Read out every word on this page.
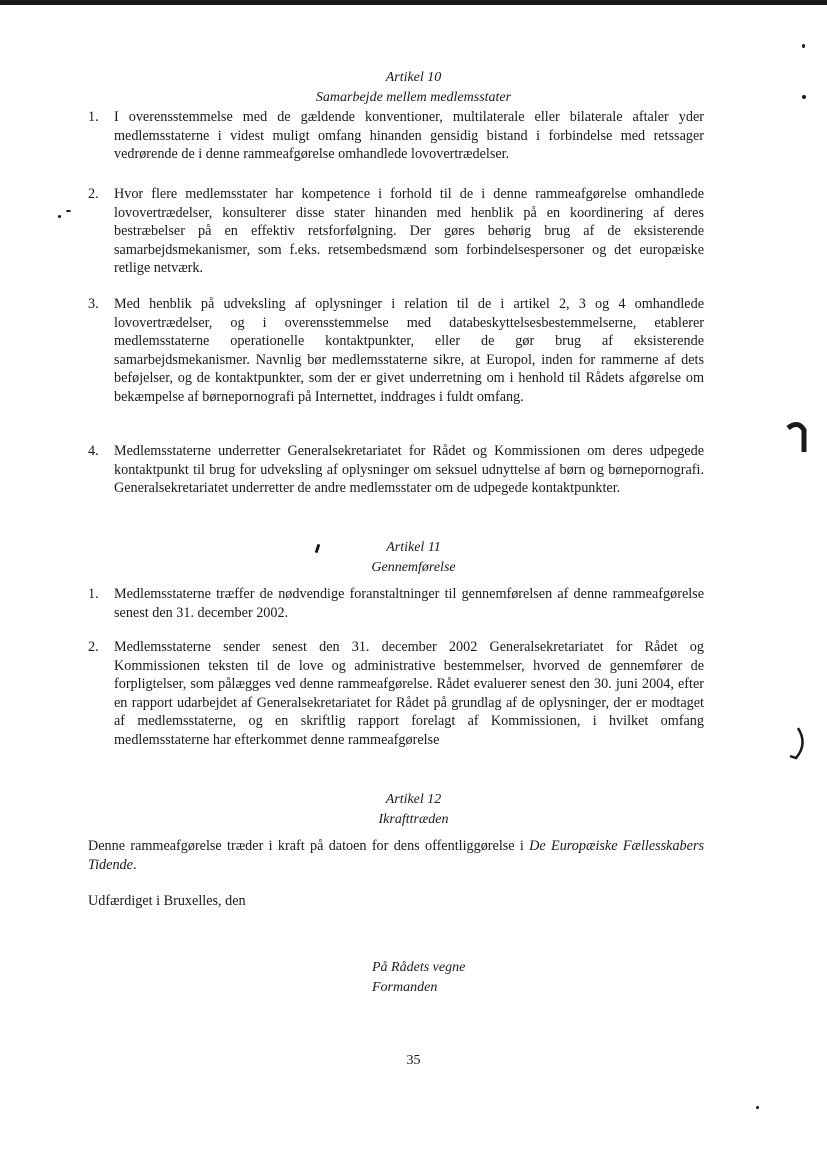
Artikel 10
Samarbejde mellem medlemsstater
1.	I overensstemmelse med de gældende konventioner, multilaterale eller bilaterale aftaler yder medlemsstaterne i videst muligt omfang hinanden gensidig bistand i forbindelse med retssager vedrørende de i denne rammeafgørelse omhandlede lovovertrædelser.
2.	Hvor flere medlemsstater har kompetence i forhold til de i denne rammeafgørelse omhandlede lovovertrædelser, konsulterer disse stater hinanden med henblik på en koordinering af deres bestræbelser på en effektiv retsforfølgning. Der gøres behørig brug af de eksisterende samarbejdsmekanismer, som f.eks. retsembedsmænd som forbindelsespersoner og det europæiske retlige netværk.
3.	Med henblik på udveksling af oplysninger i relation til de i artikel 2, 3 og 4 omhandlede lovovertrædelser, og i overensstemmelse med databeskyttelsesbestemmelserne, etablerer medlemsstaterne operationelle kontaktpunkter, eller de gør brug af eksisterende samarbejdsmekanismer. Navnlig bør medlemsstaterne sikre, at Europol, inden for rammerne af dets beføjelser, og de kontaktpunkter, som der er givet underretning om i henhold til Rådets afgørelse om bekæmpelse af børnepornografi på Internettet, inddrages i fuldt omfang.
4.	Medlemsstaterne underretter Generalsekretariatet for Rådet og Kommissionen om deres udpegede kontaktpunkt til brug for udveksling af oplysninger om seksuel udnyttelse af børn og børnepornografi. Generalsekretariatet underretter de andre medlemsstater om de udpegede kontaktpunkter.
Artikel 11
Gennemførelse
1.	Medlemsstaterne træffer de nødvendige foranstaltninger til gennemførelsen af denne rammeafgørelse senest den 31. december 2002.
2.	Medlemsstaterne sender senest den 31. december 2002 Generalsekretariatet for Rådet og Kommissionen teksten til de love og administrative bestemmelser, hvorved de gennemfører de forpligtelser, som pålægges ved denne rammeafgørelse. Rådet evaluerer senest den 30. juni 2004, efter en rapport udarbejdet af Generalsekretariatet for Rådet på grundlag af de oplysninger, der er modtaget af medlemsstaterne, og en skriftlig rapport forelagt af Kommissionen, i hvilket omfang medlemsstaterne har efterkommet denne rammeafgørelse
Artikel 12
Ikrafttræden
Denne rammeafgørelse træder i kraft på datoen for dens offentliggørelse i De Europæiske Fællesskabers Tidende.
Udfærdiget i Bruxelles, den
På Rådets vegne
Formanden
35
